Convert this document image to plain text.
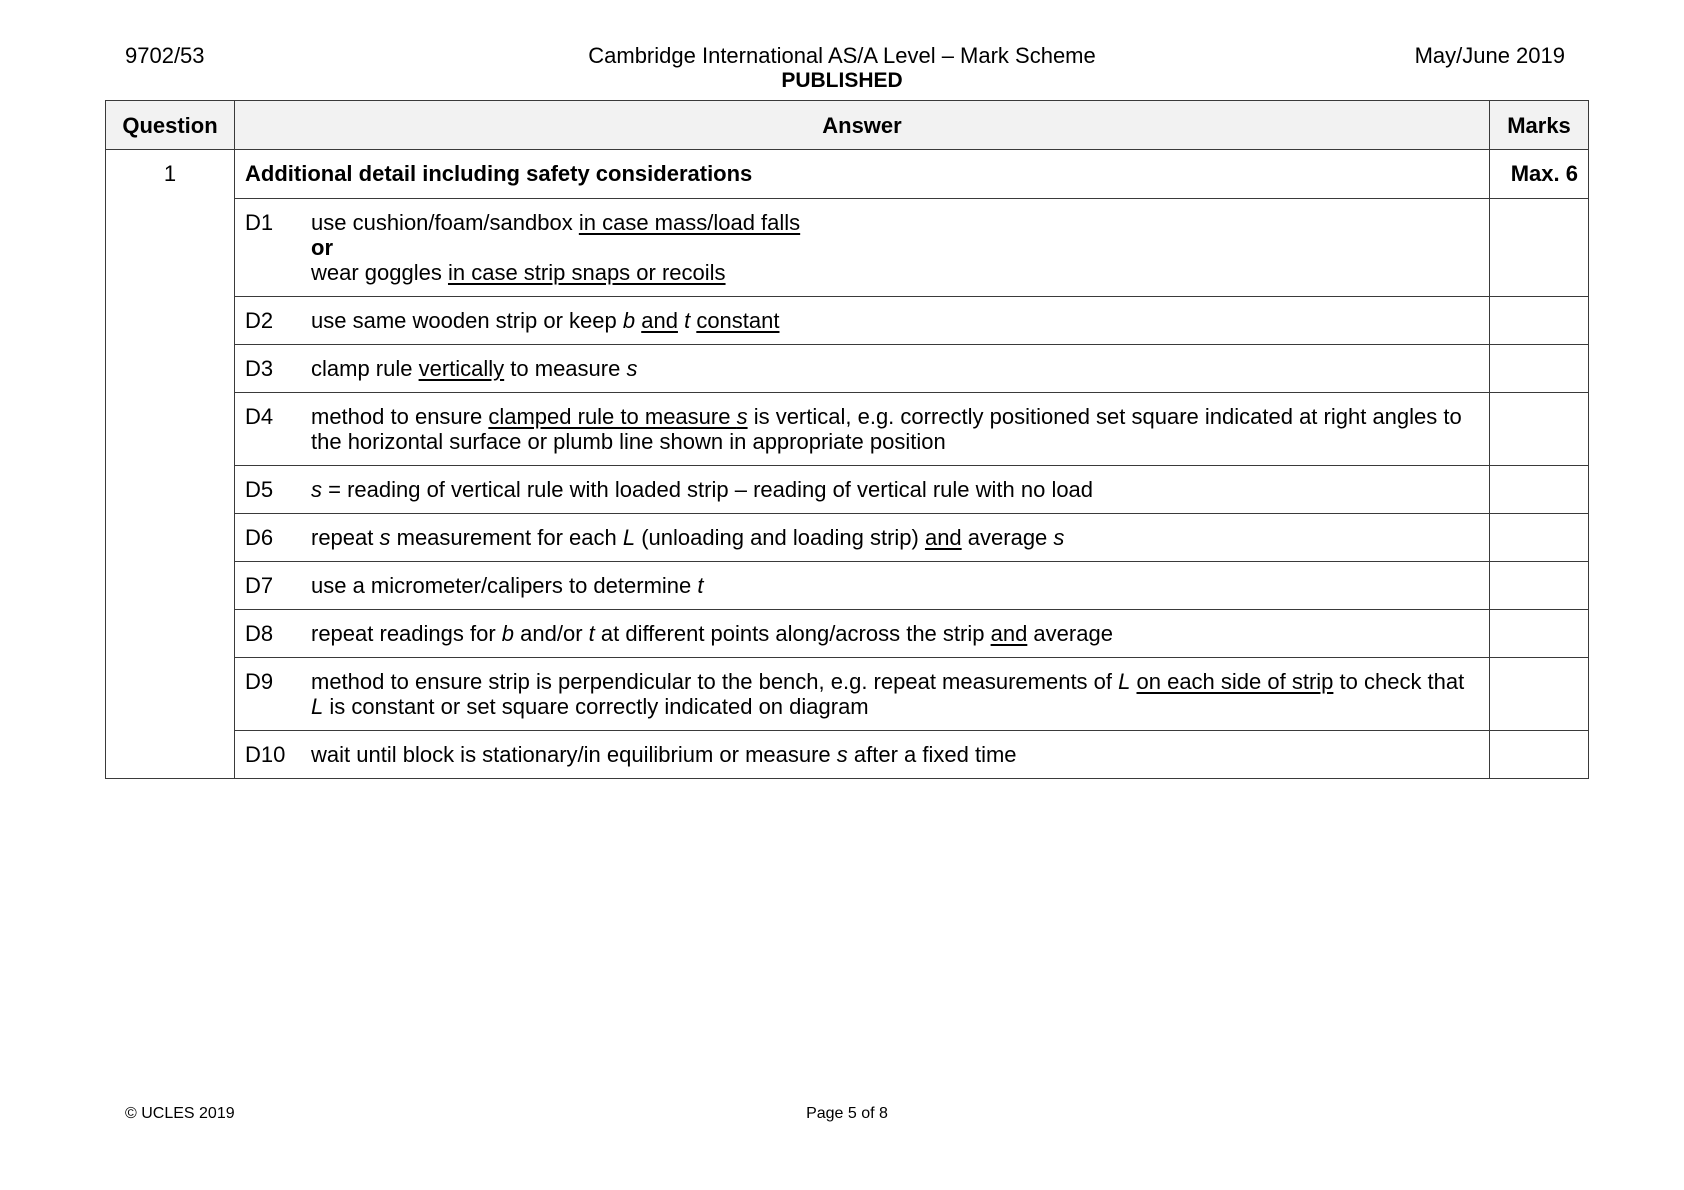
9702/53	Cambridge International AS/A Level – Mark Scheme
PUBLISHED
May/June 2019
Question	Answer	Marks
1	Additional detail including safety considerations	Max. 6

	D1 use cushion/foam/sandbox in case mass/load falls
or
wear goggles in case strip snaps or recoils	

	D2 use same wooden strip or keep b and t constant	

	D3 clamp rule vertically to measure s	

	D4 method to ensure clamped rule to measure s is vertical, e.g. correctly positioned set square indicated at right angles to the horizontal surface or plumb line shown in appropriate position	

	D5 s = reading of vertical rule with loaded strip – reading of vertical rule with no load	

	D6 repeat s measurement for each L (unloading and loading strip) and average s	

	D7 use a micrometer/calipers to determine t	

	D8 repeat readings for b and/or t at different points along/across the strip and average	

	D9 method to ensure strip is perpendicular to the bench, e.g. repeat measurements of L on each side of strip to check that L is constant or set square correctly indicated on diagram	

	D10 wait until block is stationary/in equilibrium or measure s after a fixed time	

© UCLES 2019	Page 5 of 8
